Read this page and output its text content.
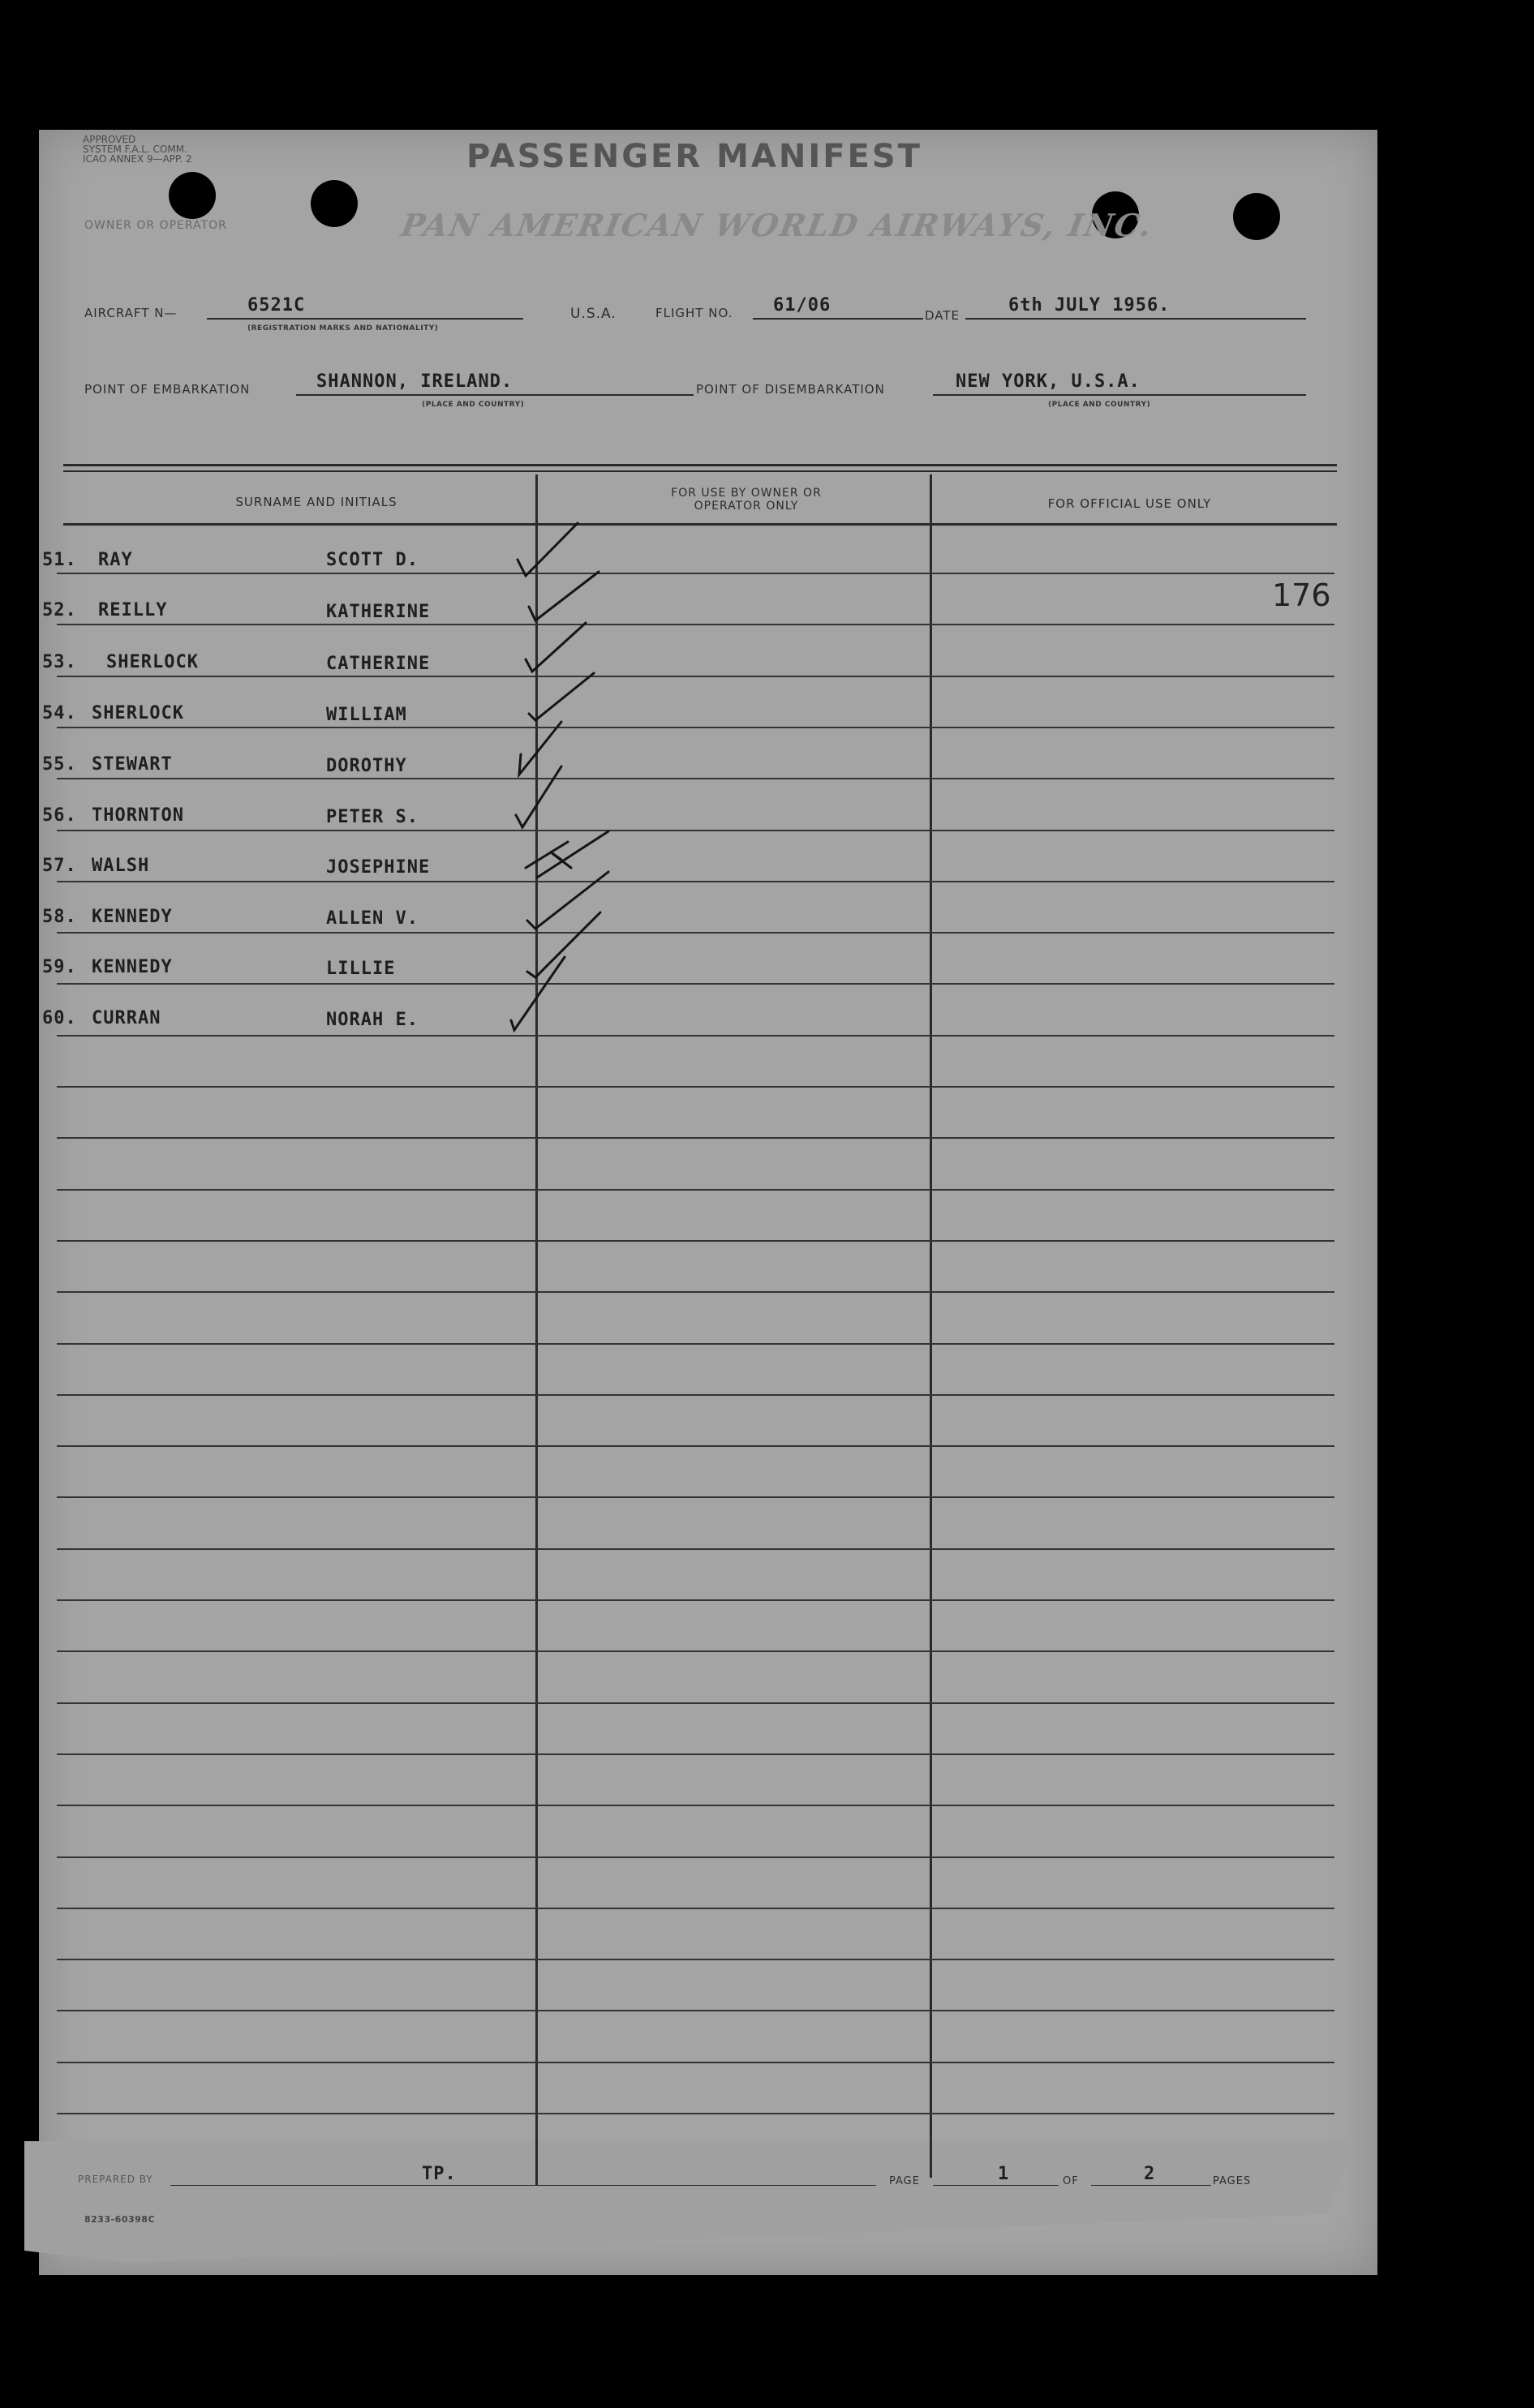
APPROVED
SYSTEM F.A.L. COMM.
ICAO ANNEX 9—APP. 2	PASSENGER MANIFEST
OWNER OR OPERATOR	PAN AMERICAN WORLD AIRWAYS, INC.
AIRCRAFT N—	6521C
(REGISTRATION MARKS AND NATIONALITY)
U.S.A.	FLIGHT NO. 61/06	DATE	6th JULY 1956.
POINT OF EMBARKATION	SHANNON, IRELAND.
(PLACE AND COUNTRY)
POINT OF DISEMBARKATION	NEW YORK, U.S.A.
(PLACE AND COUNTRY)
SURNAME AND INITIALS
FOR USE BY OWNER OR OPERATOR ONLY	FOR OFFICIAL USE ONLY
176
51. RAY	SCOTT D.
52. REILLY	KATHERINE
53. SHERLOCK	CATHERINE
54. SHERLOCK	WILLIAM
55. STEWART	DOROTHY
56. THORNTON	PETER S.
57. WALSH	JOSEPHINE
58. KENNEDY	ALLEN V.
59. KENNEDY	LILLIE
60. CURRAN	NORAH E.
PREPARED BY	TP.	PAGE	1	OF	2	PAGES
8233-60398C
